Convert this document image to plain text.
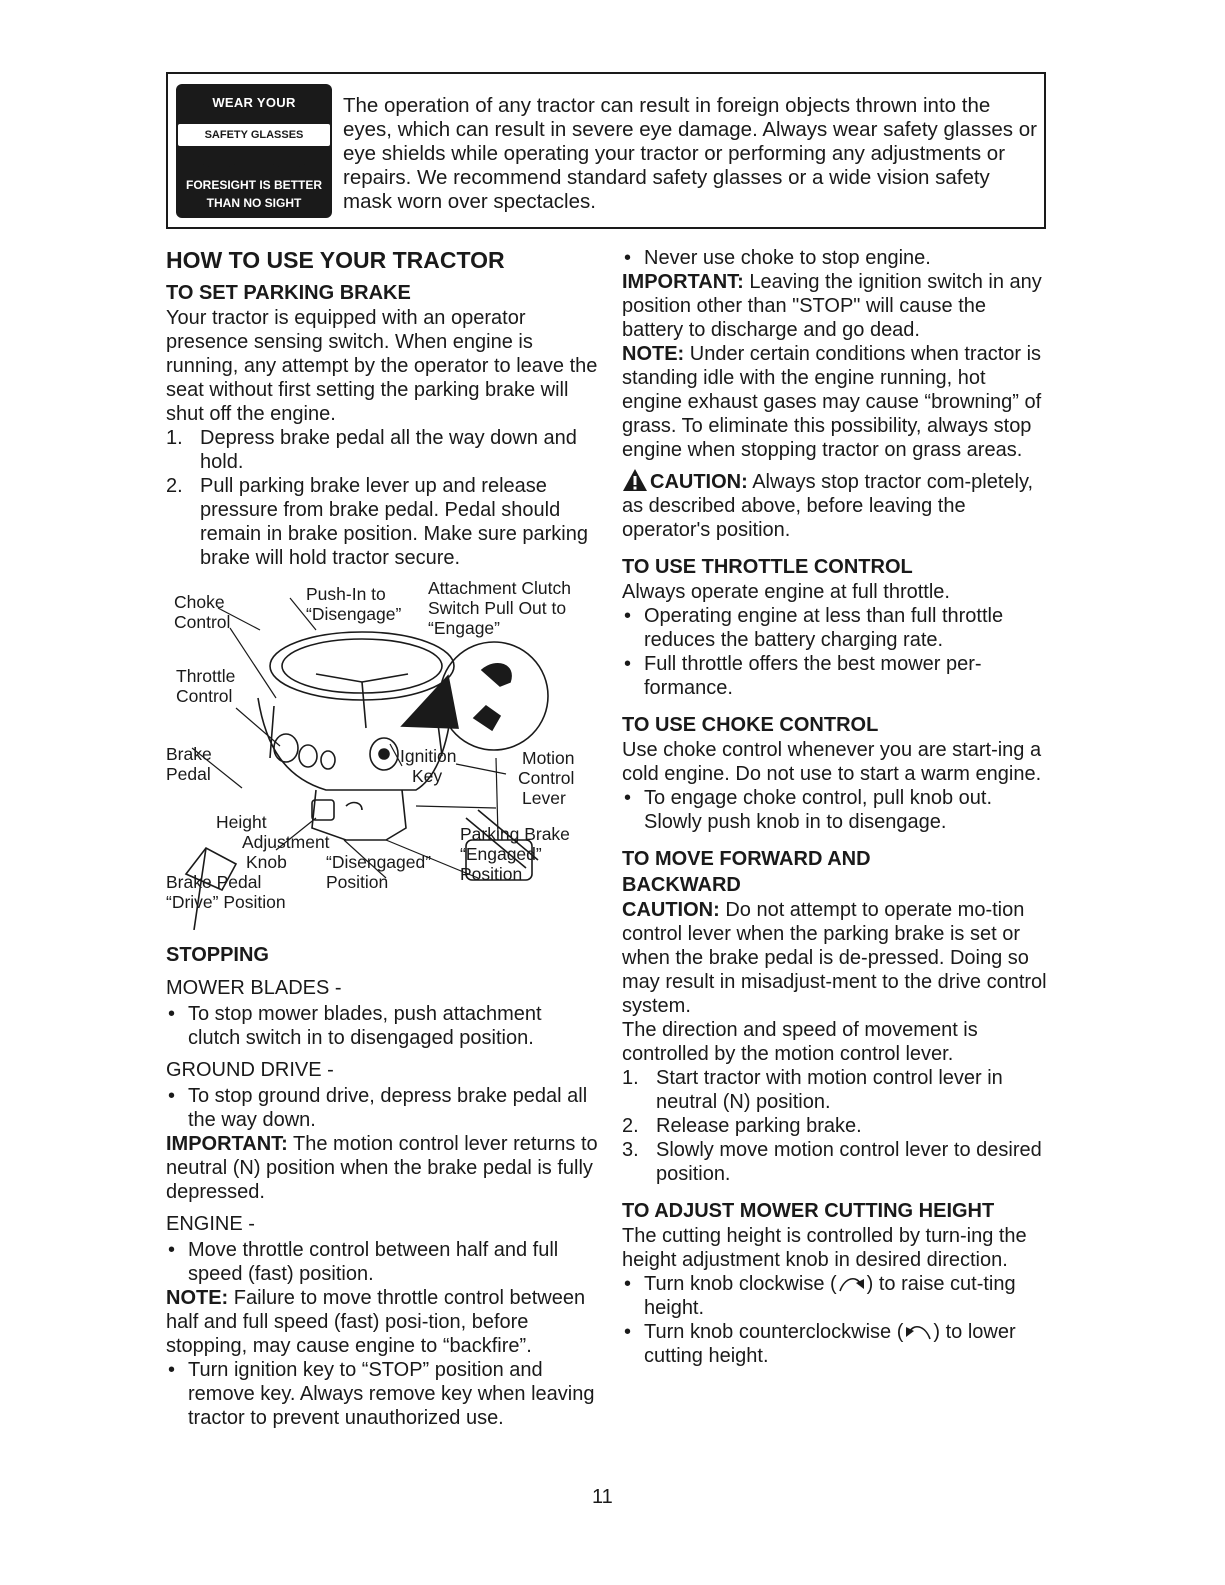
WEAR YOUR
SAFETY GLASSES
FORESIGHT IS BETTER
THAN NO SIGHT

The operation of any tractor can result in foreign objects thrown into the eyes, which can result in severe eye damage. Always wear safety glasses or eye shields while operating your tractor or performing any adjustments or repairs. We recommend standard safety glasses or a wide vision safety mask worn over spectacles.

HOW TO USE YOUR TRACTOR
TO SET PARKING BRAKE

Your tractor is equipped with an operator presence sensing switch. When engine is running, any attempt by the operator to leave the seat without first setting the parking brake will shut off the engine.

1. Depress brake pedal all the way down and hold.
2. Pull parking brake lever up and release pressure from brake pedal. Pedal should remain in brake position. Make sure parking brake will hold tractor secure.
Choke
Control
Push-In to
“Disengage”
Attachment Clutch
Switch Pull Out to
“Engage”
Throttle
Control
Brake
Pedal
Ignition
Key
Motion
Control
Lever
Height
Adjustment
Knob “Disengaged”
Position
Parking Brake
“Engaged”
Position
Brake Pedal
“Drive” Position
STOPPING
MOWER BLADES -
• To stop mower blades, push attachment clutch switch in to disengaged position.
GROUND DRIVE -
• To stop ground drive, depress brake pedal all the way down.

IMPORTANT: The motion control lever returns to neutral (N) position when the brake pedal is fully depressed.

ENGINE -
• Move throttle control between half and full speed (fast) position.

NOTE: Failure to move throttle control between half and full speed (fast) posi-tion, before stopping, may cause engine to “backfire”.

• Turn ignition key to “STOP” position and remove key. Always remove key when leaving tractor to prevent unauthorized use.
• Never use choke to stop engine.

IMPORTANT: Leaving the ignition switch in any position other than "STOP" will cause the battery to discharge and go dead.

NOTE: Under certain conditions when tractor is standing idle with the engine running, hot engine exhaust gases may cause “browning” of grass. To eliminate this possibility, always stop engine when stopping tractor on grass areas.

CAUTION: Always stop tractor com-pletely, as described above, before leaving the operator's position.

TO USE THROTTLE CONTROL

Always operate engine at full throttle.

• Operating engine at less than full throttle reduces the battery charging rate.
• Full throttle offers the best mower per-formance.
TO USE CHOKE CONTROL

Use choke control whenever you are start-ing a cold engine. Do not use to start a warm engine.

• To engage choke control, pull knob out. Slowly push knob in to disengage.
TO MOVE FORWARD AND
BACKWARD

CAUTION: Do not attempt to operate mo-tion control lever when the parking brake is set or when the brake pedal is de-pressed. Doing so may result in misadjust-ment to the drive control system.

The direction and speed of movement is controlled by the motion control lever.

1. Start tractor with motion control lever in neutral (N) position.
2. Release parking brake.
3. Slowly move motion control lever to desired position.
TO ADJUST MOWER CUTTING HEIGHT

The cutting height is controlled by turn-ing the height adjustment knob in desired direction.

• Turn knob clockwise ( ) to raise cut-ting height.
• Turn knob counterclockwise ( ) to lower cutting height.
11
